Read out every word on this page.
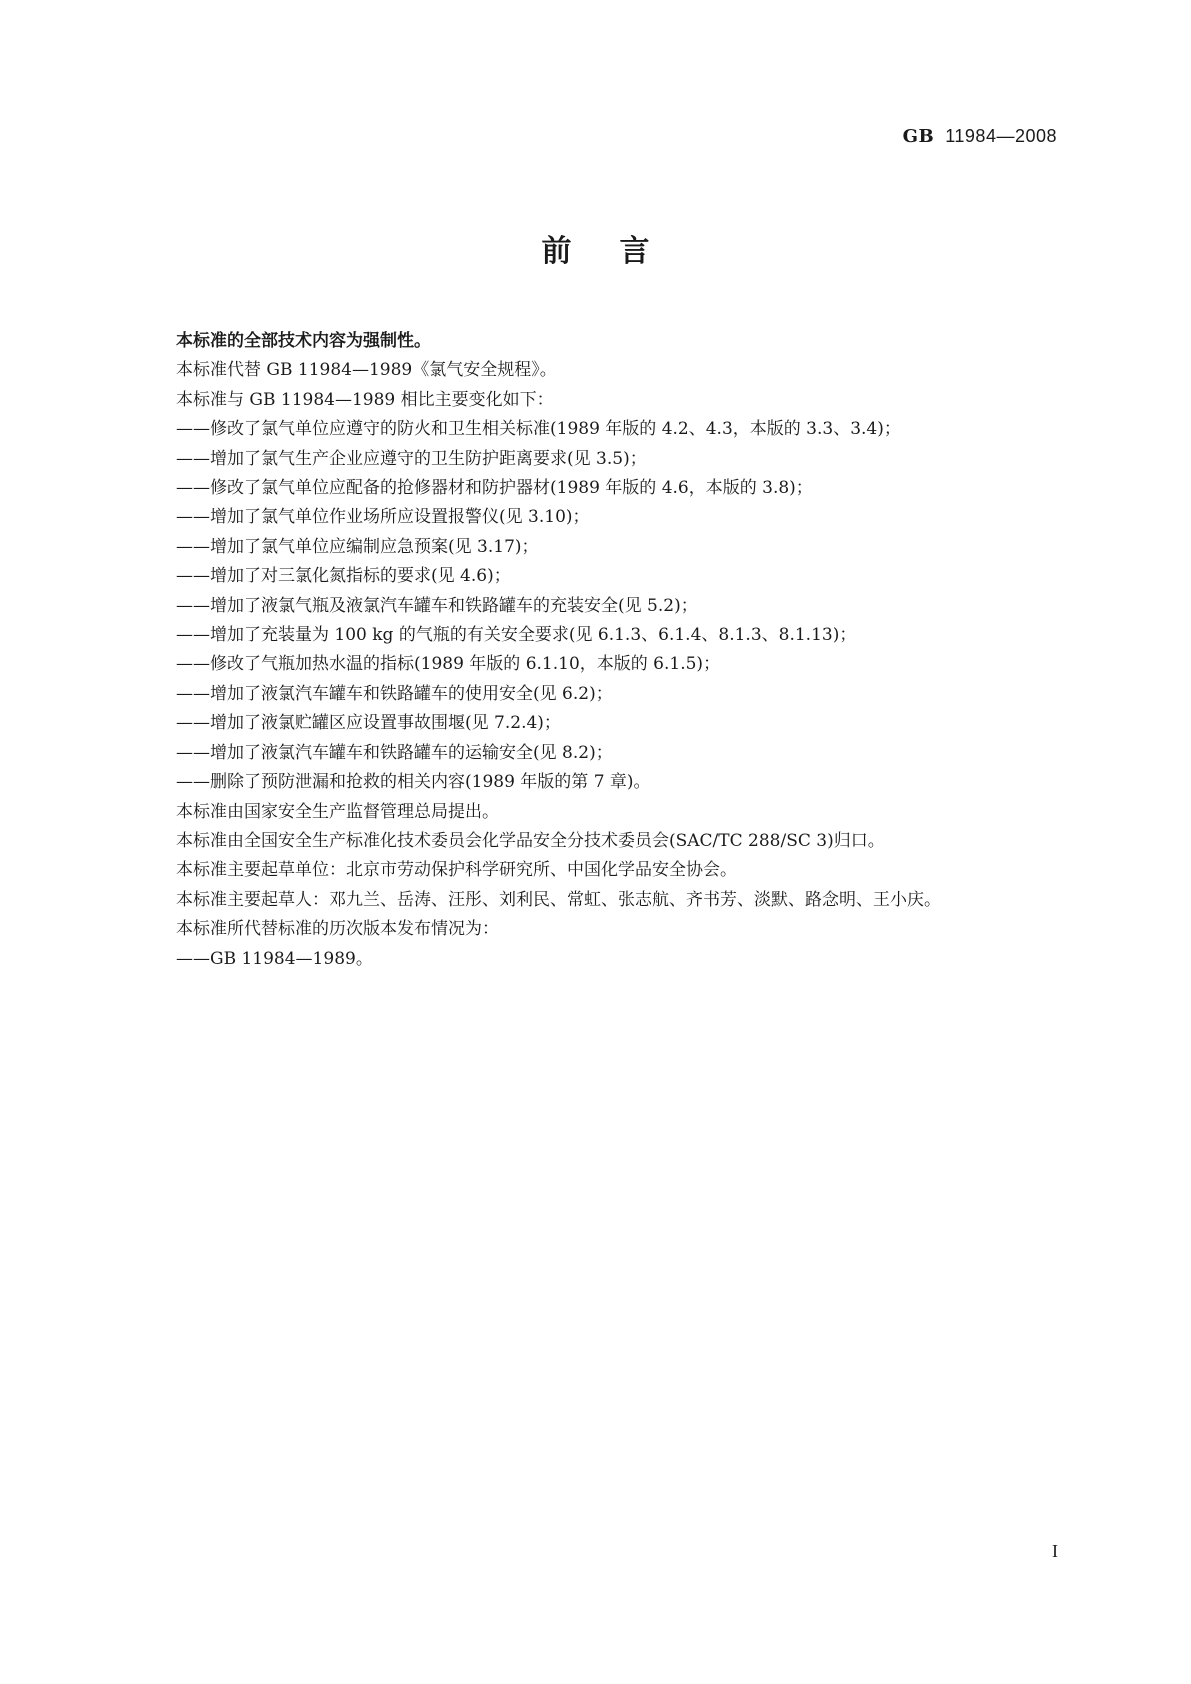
GB 11984—2008
前言

本标准的全部技术内容为强制性。

本标准代替 GB 11984—1989《氯气安全规程》。

本标准与 GB 11984—1989 相比主要变化如下：

——修改了氯气单位应遵守的防火和卫生相关标准(1989 年版的 4.2、4.3，本版的 3.3、3.4)；

——增加了氯气生产企业应遵守的卫生防护距离要求(见 3.5)；

——修改了氯气单位应配备的抢修器材和防护器材(1989 年版的 4.6，本版的 3.8)；

——增加了氯气单位作业场所应设置报警仪(见 3.10)；

——增加了氯气单位应编制应急预案(见 3.17)；

——增加了对三氯化氮指标的要求(见 4.6)；

——增加了液氯气瓶及液氯汽车罐车和铁路罐车的充装安全(见 5.2)；

——增加了充装量为 100 kg 的气瓶的有关安全要求(见 6.1.3、6.1.4、8.1.3、8.1.13)；

——修改了气瓶加热水温的指标(1989 年版的 6.1.10，本版的 6.1.5)；

——增加了液氯汽车罐车和铁路罐车的使用安全(见 6.2)；

——增加了液氯贮罐区应设置事故围堰(见 7.2.4)；

——增加了液氯汽车罐车和铁路罐车的运输安全(见 8.2)；

——删除了预防泄漏和抢救的相关内容(1989 年版的第 7 章)。

本标准由国家安全生产监督管理总局提出。

本标准由全国安全生产标准化技术委员会化学品安全分技术委员会(SAC/TC 288/SC 3)归口。

本标准主要起草单位：北京市劳动保护科学研究所、中国化学品安全协会。

本标准主要起草人：邓九兰、岳涛、汪彤、刘利民、常虹、张志航、齐书芳、淡默、路念明、王小庆。

本标准所代替标准的历次版本发布情况为：

——GB 11984—1989。

I
